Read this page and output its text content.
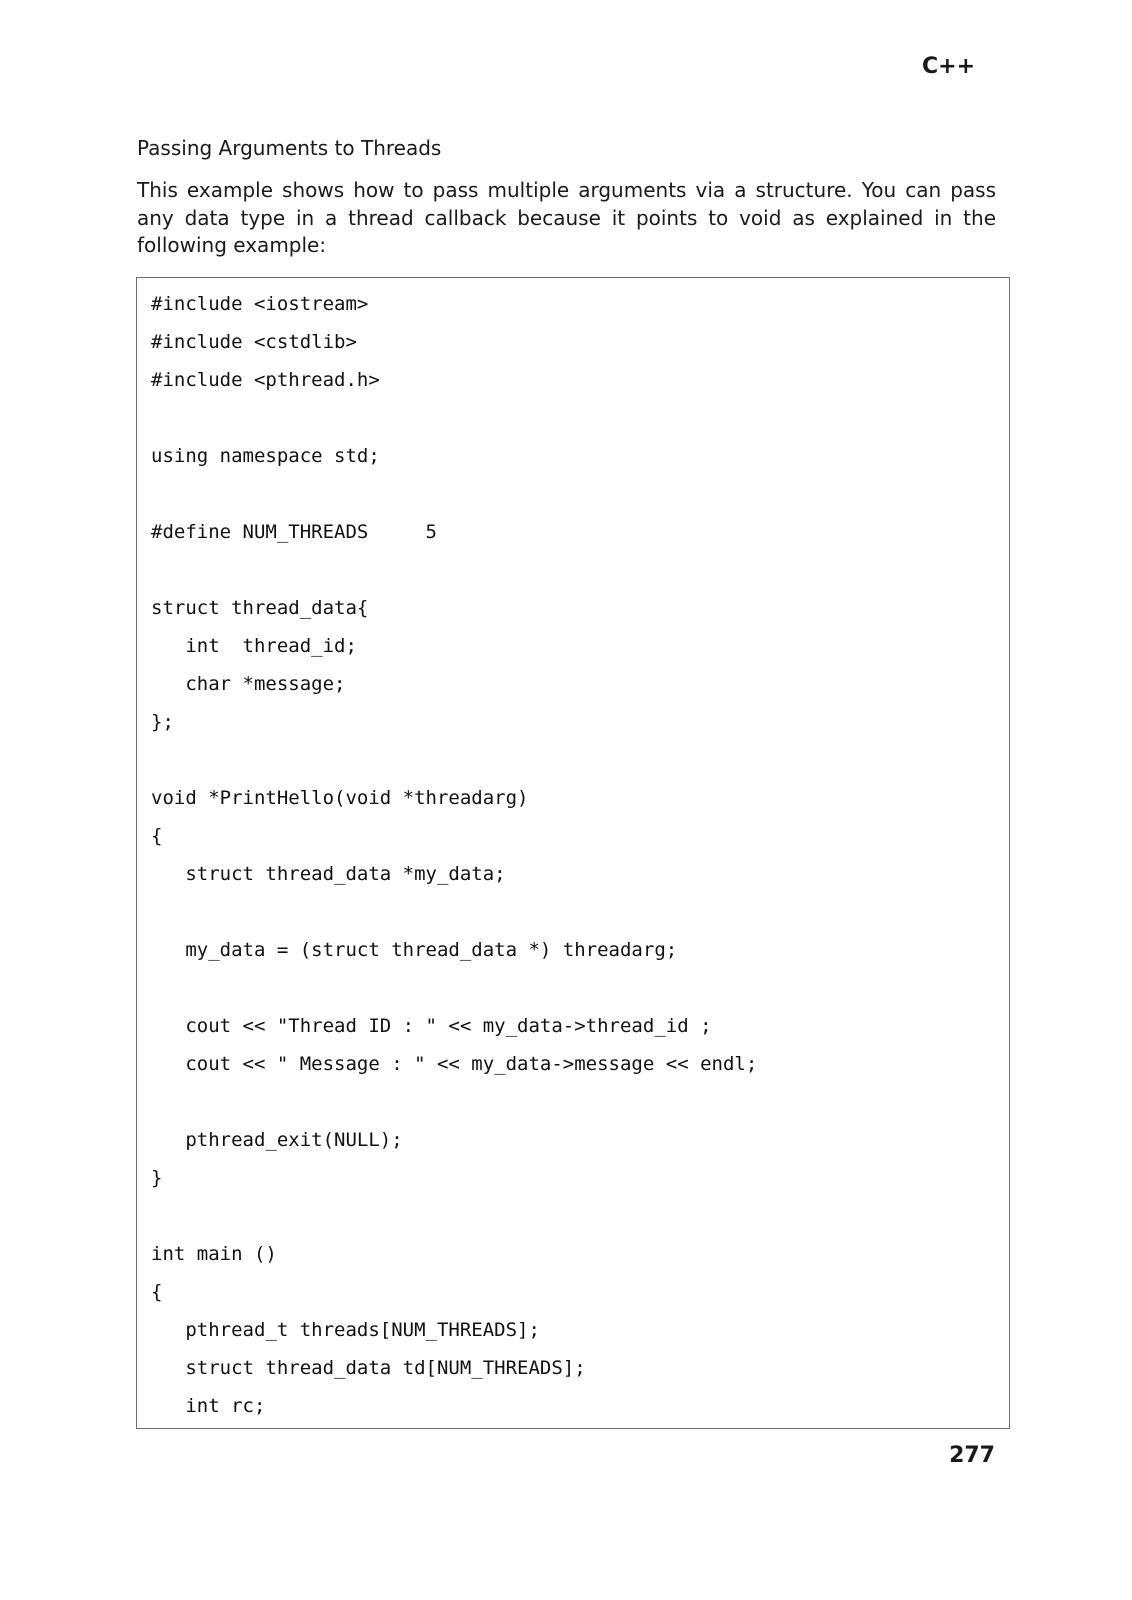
C++
Passing Arguments to Threads

This example shows how to pass multiple arguments via a structure. You can pass any data type in a thread callback because it points to void as explained in the following example:

#include <iostream>
#include <cstdlib>
#include <pthread.h>
using namespace std;
#define NUM_THREADS     5
struct thread_data{
int  thread_id;
char *message;
};
void *PrintHello(void *threadarg)
{
struct thread_data *my_data;
my_data = (struct thread_data *) threadarg;
cout << "Thread ID : " << my_data->thread_id ;
cout << " Message : " << my_data->message << endl;
pthread_exit(NULL);
}
int main ()
{
pthread_t threads[NUM_THREADS];
struct thread_data td[NUM_THREADS];
int rc;

277
